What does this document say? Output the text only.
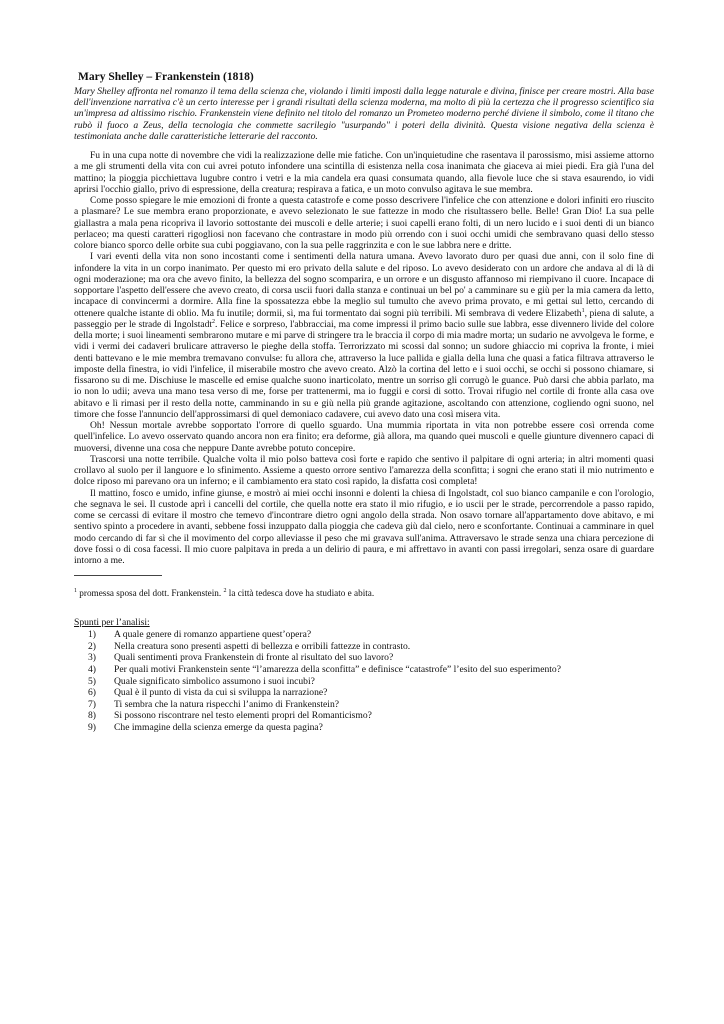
Mary Shelley – Frankenstein (1818)

Mary Shelley affronta nel romanzo il tema della scienza che, violando i limiti imposti dalla legge naturale e divina, finisce per creare mostri. Alla base dell'invenzione narrativa c'è un certo interesse per i grandi risultati della scienza moderna, ma molto di più la certezza che il progresso scientifico sia un'impresa ad altissimo rischio. Frankenstein viene definito nel titolo del romanzo un Prometeo moderno perché diviene il simbolo, come il titano che rubò il fuoco a Zeus, della tecnologia che commette sacrilegio "usurpando" i poteri della divinità. Questa visione negativa della scienza è testimoniata anche dalle caratteristiche letterarie del racconto.

Fu in una cupa notte di novembre che vidi la realizzazione delle mie fatiche. Con un'inquietudine che rasentava il parossismo, misi assieme attorno a me gli strumenti della vita con cui avrei potuto infondere una scintilla di esistenza nella cosa inanimata che giaceva ai miei piedi. Era già l'una del mattino; la pioggia picchiettava lugubre contro i vetri e la mia candela era quasi consumata quando, alla fievole luce che si stava esaurendo, io vidi aprirsi l'occhio giallo, privo di espressione, della creatura; respirava a fatica, e un moto convulso agitava le sue membra.

Come posso spiegare le mie emozioni di fronte a questa catastrofe e come posso descrivere l'infelice che con attenzione e dolori infiniti ero riuscito a plasmare? Le sue membra erano proporzionate, e avevo selezionato le sue fattezze in modo che risultassero belle. Belle! Gran Dio! La sua pelle giallastra a mala pena ricopriva il lavorio sottostante dei muscoli e delle arterie; i suoi capelli erano folti, di un nero lucido e i suoi denti di un bianco perlaceo; ma questi caratteri rigogliosi non facevano che contrastare in modo più orrendo con i suoi occhi umidi che sembravano quasi dello stesso colore bianco sporco delle orbite sua cubi poggiavano, con la sua pelle raggrinzita e con le sue labbra nere e dritte.

I vari eventi della vita non sono incostanti come i sentimenti della natura umana. Avevo lavorato duro per quasi due anni, con il solo fine di infondere la vita in un corpo inanimato. Per questo mi ero privato della salute e del riposo. Lo avevo desiderato con un ardore che andava al di là di ogni moderazione; ma ora che avevo finito, la bellezza del sogno scomparira, e un orrore e un disgusto affannoso mi riempivano il cuore. Incapace di sopportare l'aspetto dell'essere che avevo creato, di corsa uscii fuori dalla stanza e continuai un bel po' a camminare su e giù per la mia camera da letto, incapace di convincermi a dormire. Alla fine la spossatezza ebbe la meglio sul tumulto che avevo prima provato, e mi gettai sul letto, cercando di ottenere qualche istante di oblio. Ma fu inutile; dormii, sì, ma fui tormentato dai sogni più terribili. Mi sembrava di vedere Elizabeth$^1$, piena di salute, a passeggio per le strade di Ingolstadt$^2$. Felice e sorpreso, l'abbracciai, ma come impressi il primo bacio sulle sue labbra, esse divennero livide del colore della morte; i suoi lineamenti sembrarono mutare e mi parve di stringere tra le braccia il corpo di mia madre morta; un sudario ne avvolgeva le forme, e vidi i vermi dei cadaveri brulicare attraverso le pieghe della stoffa. Terrorizzato mi scossi dal sonno; un sudore ghiaccio mi copriva la fronte, i miei denti battevano e le mie membra tremavano convulse: fu allora che, attraverso la luce pallida e gialla della luna che quasi a fatica filtrava attraverso le imposte della finestra, io vidi l'infelice, il miserabile mostro che avevo creato. Alzò la cortina del letto e i suoi occhi, se occhi si possono chiamare, si fissarono su di me. Dischiuse le mascelle ed emise qualche suono inarticolato, mentre un sorriso gli corrugò le guance. Può darsi che abbia parlato, ma io non lo udii; aveva una mano tesa verso di me, forse per trattenermi, ma io fuggii e corsi di sotto. Trovai rifugio nel cortile di fronte alla casa ove abitavo e lì rimasi per il resto della notte, camminando in su e giù nella più grande agitazione, ascoltando con attenzione, cogliendo ogni suono, nel timore che fosse l'annuncio dell'approssimarsi di quel demoniaco cadavere, cui avevo dato una così misera vita.

Oh! Nessun mortale avrebbe sopportato l'orrore di quello sguardo. Una mummia riportata in vita non potrebbe essere così orrenda come quell'infelice. Lo avevo osservato quando ancora non era finito; era deforme, già allora, ma quando quei muscoli e quelle giunture divennero capaci di muoversi, divenne una cosa che neppure Dante avrebbe potuto concepire.

Trascorsi una notte terribile. Qualche volta il mio polso batteva così forte e rapido che sentivo il palpitare di ogni arteria; in altri momenti quasi crollavo al suolo per il languore e lo sfinimento. Assieme a questo orrore sentivo l'amarezza della sconfitta; i sogni che erano stati il mio nutrimento e dolce riposo mi parevano ora un inferno; e il cambiamento era stato così rapido, la disfatta così completa!

Il mattino, fosco e umido, infine giunse, e mostrò ai miei occhi insonni e dolenti la chiesa di Ingolstadt, col suo bianco campanile e con l'orologio, che segnava le sei. Il custode aprì i cancelli del cortile, che quella notte era stato il mio rifugio, e io uscii per le strade, percorrendole a passo rapido, come se cercassi di evitare il mostro che temevo d'incontrare dietro ogni angolo della strada. Non osavo tornare all'appartamento dove abitavo, e mi sentivo spinto a procedere in avanti, sebbene fossi inzuppato dalla pioggia che cadeva giù dal cielo, nero e sconfortante. Continuai a camminare in quel modo cercando di far sì che il movimento del corpo alleviasse il peso che mi gravava sull'anima. Attraversavo le strade senza una chiara percezione di dove fossi o di cosa facessi. Il mio cuore palpitava in preda a un delirio di paura, e mi affrettavo in avanti con passi irregolari, senza osare di guardare intorno a me.

$^1$ promessa sposa del dott. Frankenstein. $^2$ la città tedesca dove ha studiato e abita.

Spunti per l’analisi:

1)	A quale genere di romanzo appartiene quest’opera?
2)	Nella creatura sono presenti aspetti di bellezza e orribili fattezze in contrasto.
3)	Quali sentimenti prova Frankenstein di fronte al risultato del suo lavoro?
4)	Per quali motivi Frankenstein sente “l’amarezza della sconfitta” e definisce “catastrofe” l’esito del suo esperimento?
5)	Quale significato simbolico assumono i suoi incubi?
6)	Qual è il punto di vista da cui si sviluppa la narrazione?
7)	Ti sembra che la natura rispecchi l’animo di Frankenstein?
8)	Si possono riscontrare nel testo elementi propri del Romanticismo?
9)	Che immagine della scienza emerge da questa pagina?
